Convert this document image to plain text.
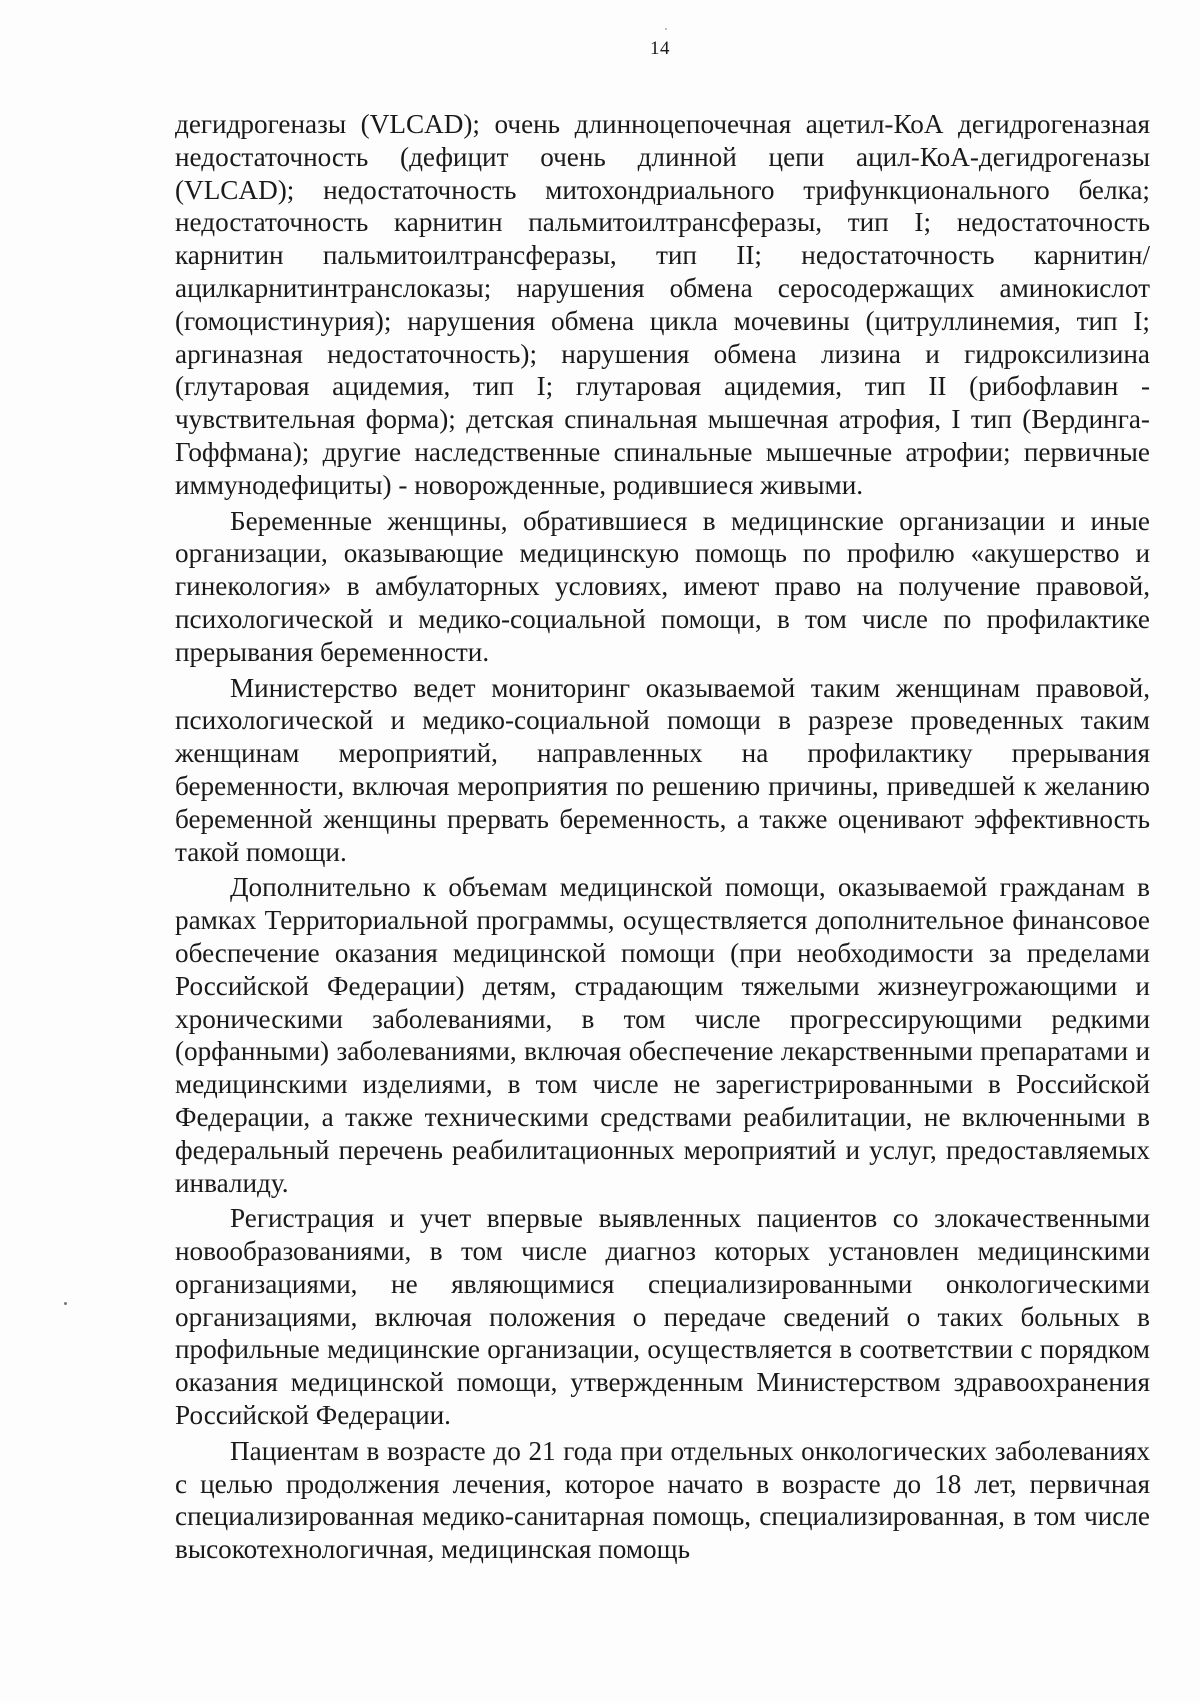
14

дегидрогеназы (VLCAD); очень длинноцепочечная ацетил-КоА дегидрогеназная недостаточность (дефицит очень длинной цепи ацил-КоА-дегидрогеназы (VLCAD); недостаточность митохондриального трифункционального белка; недостаточность карнитин пальмитоилтрансферазы, тип I; недостаточность карнитин пальмитоилтрансферазы, тип II; недостаточность карнитин/ацилкарнитинтранслоказы; нарушения обмена серосодержащих аминокислот (гомоцистинурия); нарушения обмена цикла мочевины (цитруллинемия, тип I; аргиназная недостаточность); нарушения обмена лизина и гидроксилизина (глутаровая ацидемия, тип I; глутаровая ацидемия, тип II (рибофлавин - чувствительная форма); детская спинальная мышечная атрофия, I тип (Вердинга-Гоффмана); другие наследственные спинальные мышечные атрофии; первичные иммунодефициты) - новорожденные, родившиеся живыми.

Беременные женщины, обратившиеся в медицинские организации и иные организации, оказывающие медицинскую помощь по профилю «акушерство и гинекология» в амбулаторных условиях, имеют право на получение правовой, психологической и медико-социальной помощи, в том числе по профилактике прерывания беременности.

Министерство ведет мониторинг оказываемой таким женщинам правовой, психологической и медико-социальной помощи в разрезе проведенных таким женщинам мероприятий, направленных на профилактику прерывания беременности, включая мероприятия по решению причины, приведшей к желанию беременной женщины прервать беременность, а также оценивают эффективность такой помощи.

Дополнительно к объемам медицинской помощи, оказываемой гражданам в рамках Территориальной программы, осуществляется дополнительное финансовое обеспечение оказания медицинской помощи (при необходимости за пределами Российской Федерации) детям, страдающим тяжелыми жизнеугрожающими и хроническими заболеваниями, в том числе прогрессирующими редкими (орфанными) заболеваниями, включая обеспечение лекарственными препаратами и медицинскими изделиями, в том числе не зарегистрированными в Российской Федерации, а также техническими средствами реабилитации, не включенными в федеральный перечень реабилитационных мероприятий и услуг, предоставляемых инвалиду.

Регистрация и учет впервые выявленных пациентов со злокачественными новообразованиями, в том числе диагноз которых установлен медицинскими организациями, не являющимися специализированными онкологическими организациями, включая положения о передаче сведений о таких больных в профильные медицинские организации, осуществляется в соответствии с порядком оказания медицинской помощи, утвержденным Министерством здравоохранения Российской Федерации.

Пациентам в возрасте до 21 года при отдельных онкологических заболеваниях с целью продолжения лечения, которое начато в возрасте до 18 лет, первичная специализированная медико-санитарная помощь, специализированная, в том числе высокотехнологичная, медицинская помощь
